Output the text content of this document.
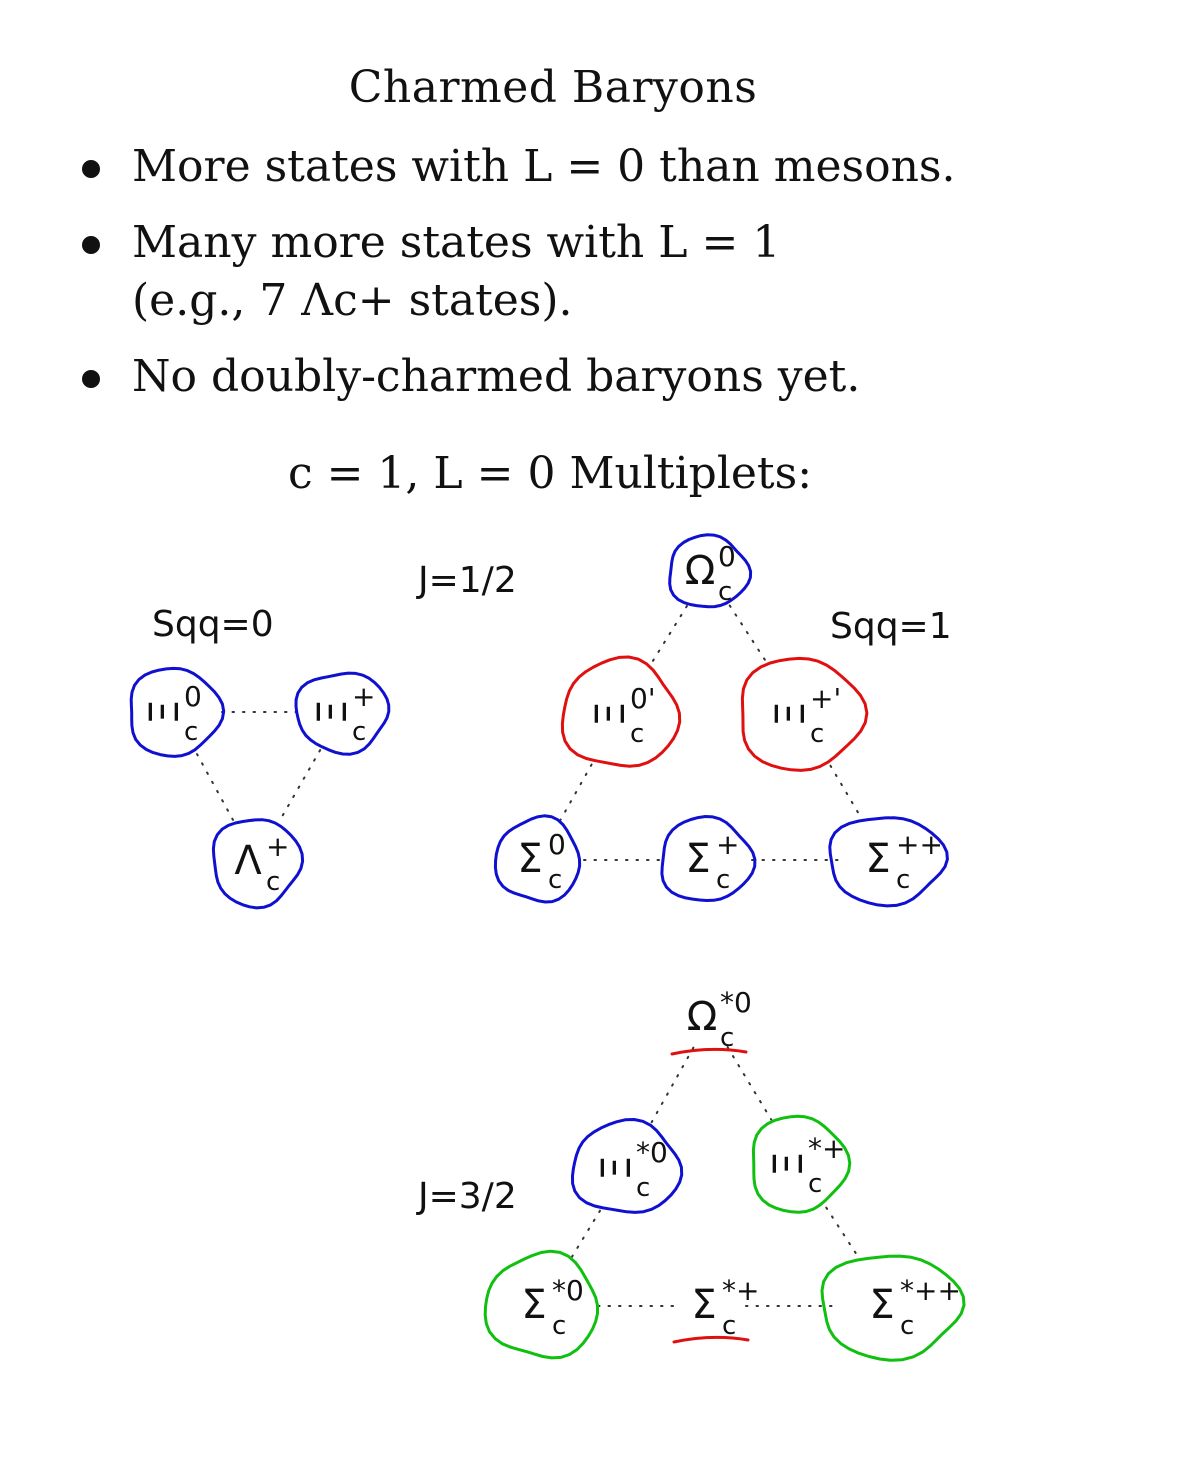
Charmed Baryons
More states with L = 0 than mesons.
Many more states with L = 1
(e.g., 7 Λc+ states).
No doubly-charmed baryons yet.
c = 1, L = 0 Multiplets:
J=1/2
J=3/2
Sqq=0	Sqq=1
Ξ
0
c
Ξ
+
c
Λ +
c
Ω 0
c
Ξ
0'
c
Ξ
+'
c
Σ 0
c	Σ +
c	Σ ++
c
Ω *0
c
Ξ
*0
c
Ξ
*+
c
Σ *0
c	Σ *+
c	Σ *++
c
